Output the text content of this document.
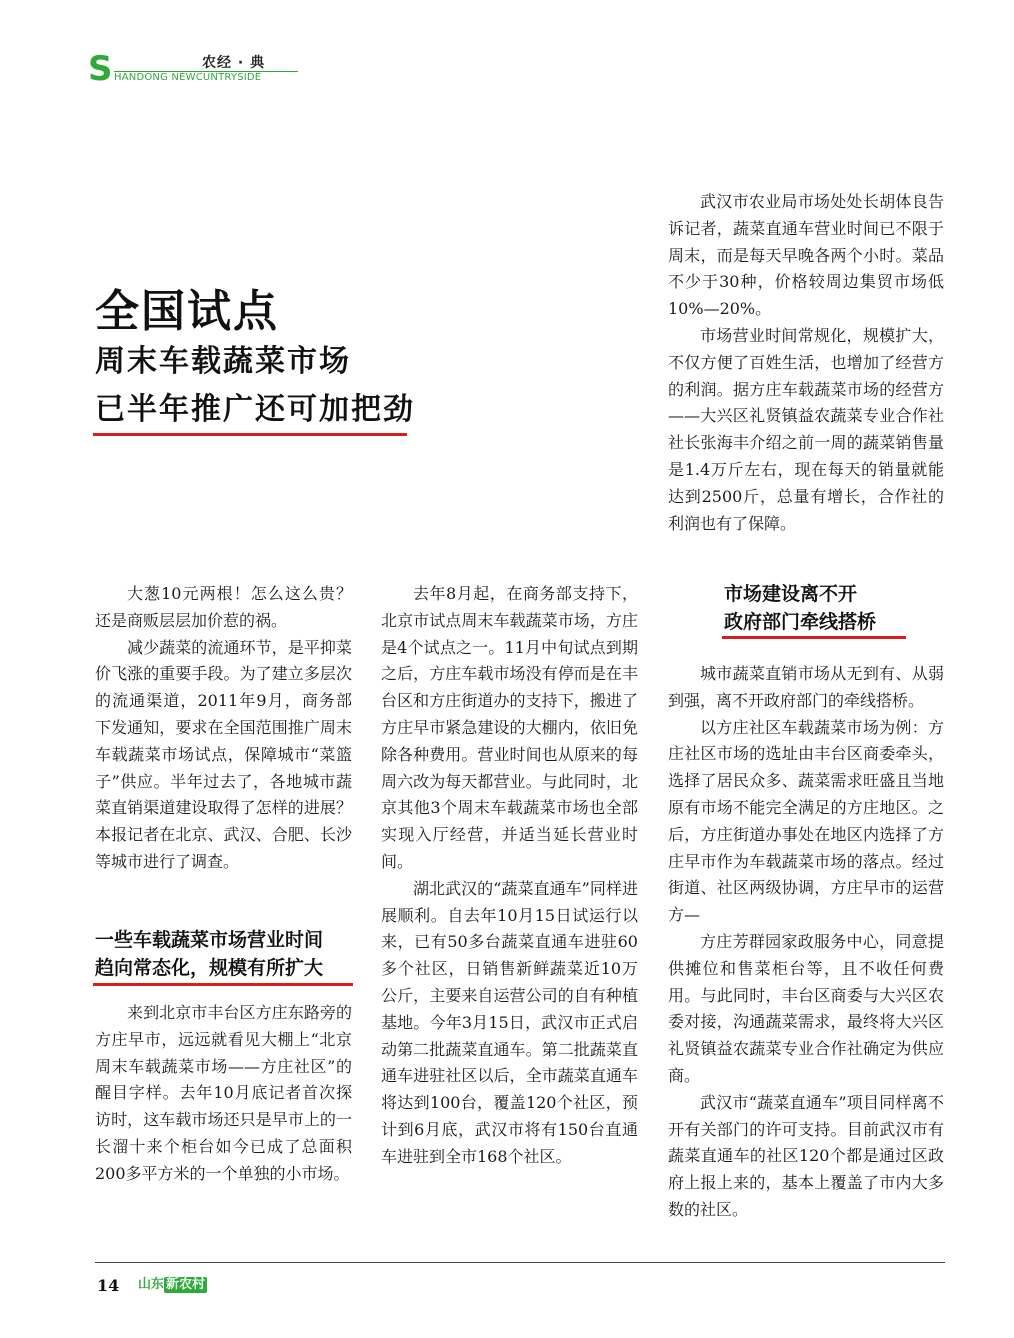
S	农经 · 典
HANDONG NEWCUNTRYSIDE
全国试点
周末车载蔬菜市场
已半年推广还可加把劲

武汉市农业局市场处处长胡体良告诉记者，蔬菜直通车营业时间已不限于周末，而是每天早晚各两个小时。菜品不少于30种，价格较周边集贸市场低10%—20%。

市场营业时间常规化，规模扩大，不仅方便了百姓生活，也增加了经营方的利润。据方庄车载蔬菜市场的经营方——大兴区礼贤镇益农蔬菜专业合作社社长张海丰介绍之前一周的蔬菜销售量是1.4万斤左右，现在每天的销量就能达到2500斤，总量有增长，合作社的利润也有了保障。

大葱10元两根！怎么这么贵？还是商贩层层加价惹的祸。

减少蔬菜的流通环节，是平抑菜价飞涨的重要手段。为了建立多层次的流通渠道，2011年9月，商务部下发通知，要求在全国范围推广周末车载蔬菜市场试点，保障城市“菜篮子”供应。半年过去了，各地城市蔬菜直销渠道建设取得了怎样的进展？本报记者在北京、武汉、合肥、长沙等城市进行了调查。

一些车载蔬菜市场营业时间
趋向常态化，规模有所扩大

来到北京市丰台区方庄东路旁的方庄早市，远远就看见大棚上“北京周末车载蔬菜市场——方庄社区”的醒目字样。去年10月底记者首次探访时，这车载市场还只是早市上的一长溜十来个柜台如今已成了总面积200多平方米的一个单独的小市场。

去年8月起，在商务部支持下，北京市试点周末车载蔬菜市场，方庄是4个试点之一。11月中旬试点到期之后，方庄车载市场没有停而是在丰台区和方庄街道办的支持下，搬进了方庄早市紧急建设的大棚内，依旧免除各种费用。营业时间也从原来的每周六改为每天都营业。与此同时，北京其他3个周末车载蔬菜市场也全部实现入厅经营，并适当延长营业时间。

湖北武汉的“蔬菜直通车”同样进展顺利。自去年10月15日试运行以来，已有50多台蔬菜直通车进驻60多个社区，日销售新鲜蔬菜近10万公斤，主要来自运营公司的自有种植基地。今年3月15日，武汉市正式启动第二批蔬菜直通车。第二批蔬菜直通车进驻社区以后，全市蔬菜直通车将达到100台，覆盖120个社区，预计到6月底，武汉市将有150台直通车进驻到全市168个社区。

市场建设离不开
政府部门牵线搭桥

城市蔬菜直销市场从无到有、从弱到强，离不开政府部门的牵线搭桥。

以方庄社区车载蔬菜市场为例：方庄社区市场的选址由丰台区商委牵头，选择了居民众多、蔬菜需求旺盛且当地原有市场不能完全满足的方庄地区。之后，方庄街道办事处在地区内选择了方庄早市作为车载蔬菜市场的落点。经过街道、社区两级协调，方庄早市的运营方—

方庄芳群园家政服务中心，同意提供摊位和售菜柜台等，且不收任何费用。与此同时，丰台区商委与大兴区农委对接，沟通蔬菜需求，最终将大兴区礼贤镇益农蔬菜专业合作社确定为供应商。

武汉市“蔬菜直通车”项目同样离不开有关部门的许可支持。目前武汉市有蔬菜直通车的社区120个都是通过区政府上报上来的，基本上覆盖了市内大多数的社区。

14 山东 新农村
